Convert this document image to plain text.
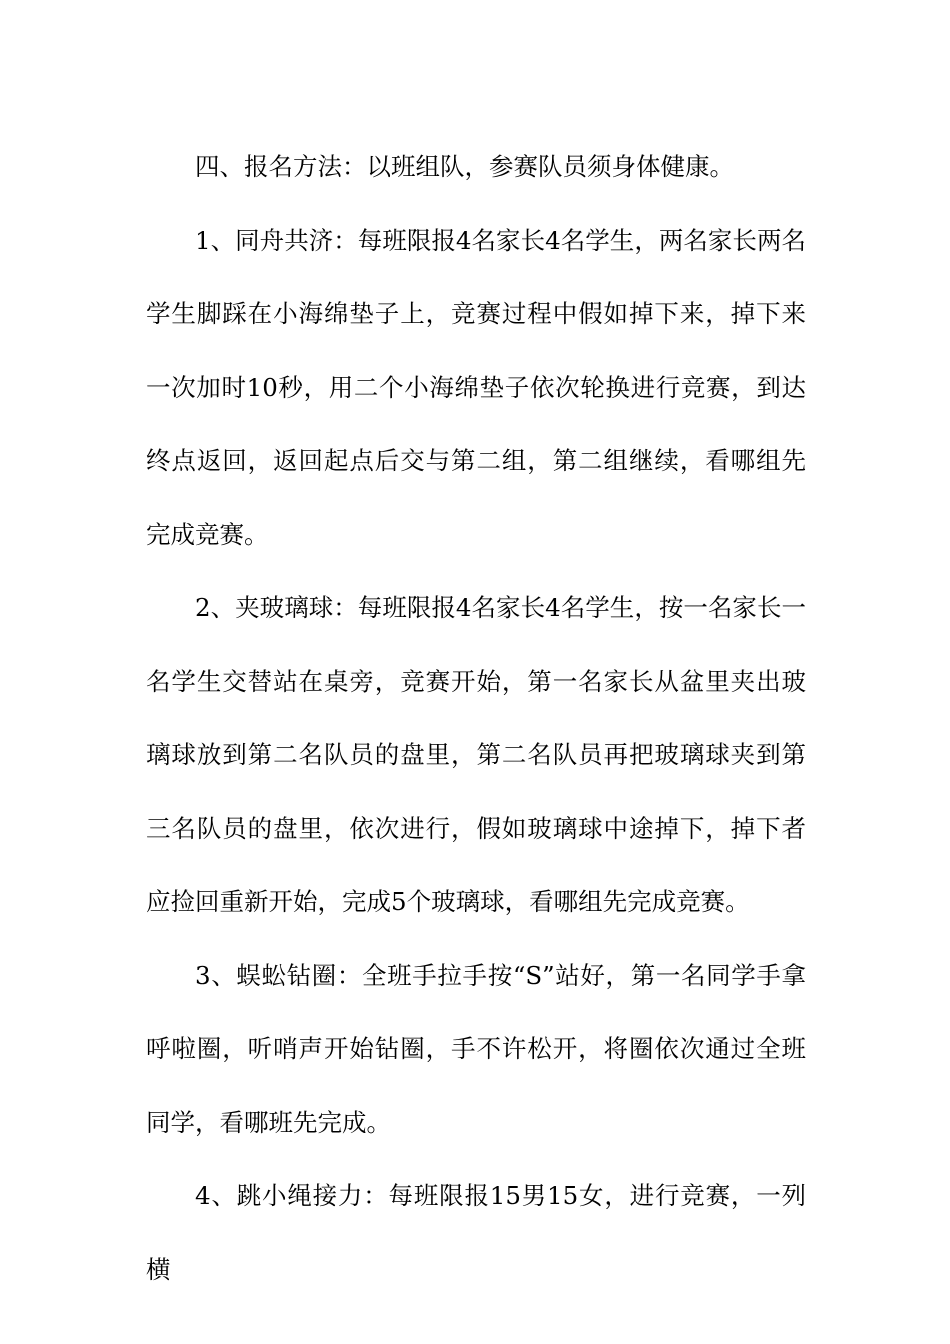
四、报名方法：以班组队，参赛队员须身体健康。

1、同舟共济：每班限报4名家长4名学生，两名家长两名学生脚踩在小海绵垫子上，竞赛过程中假如掉下来，掉下来一次加时10秒，用二个小海绵垫子依次轮换进行竞赛，到达终点返回，返回起点后交与第二组，第二组继续，看哪组先完成竞赛。

2、夹玻璃球：每班限报4名家长4名学生，按一名家长一名学生交替站在桌旁，竞赛开始，第一名家长从盆里夹出玻璃球放到第二名队员的盘里，第二名队员再把玻璃球夹到第三名队员的盘里，依次进行，假如玻璃球中途掉下，掉下者应捡回重新开始，完成5个玻璃球，看哪组先完成竞赛。

3、蜈蚣钻圈：全班手拉手按“S”站好，第一名同学手拿呼啦圈，听哨声开始钻圈，手不许松开，将圈依次通过全班同学，看哪班先完成。

4、跳小绳接力：每班限报15男15女，进行竞赛，一列横
